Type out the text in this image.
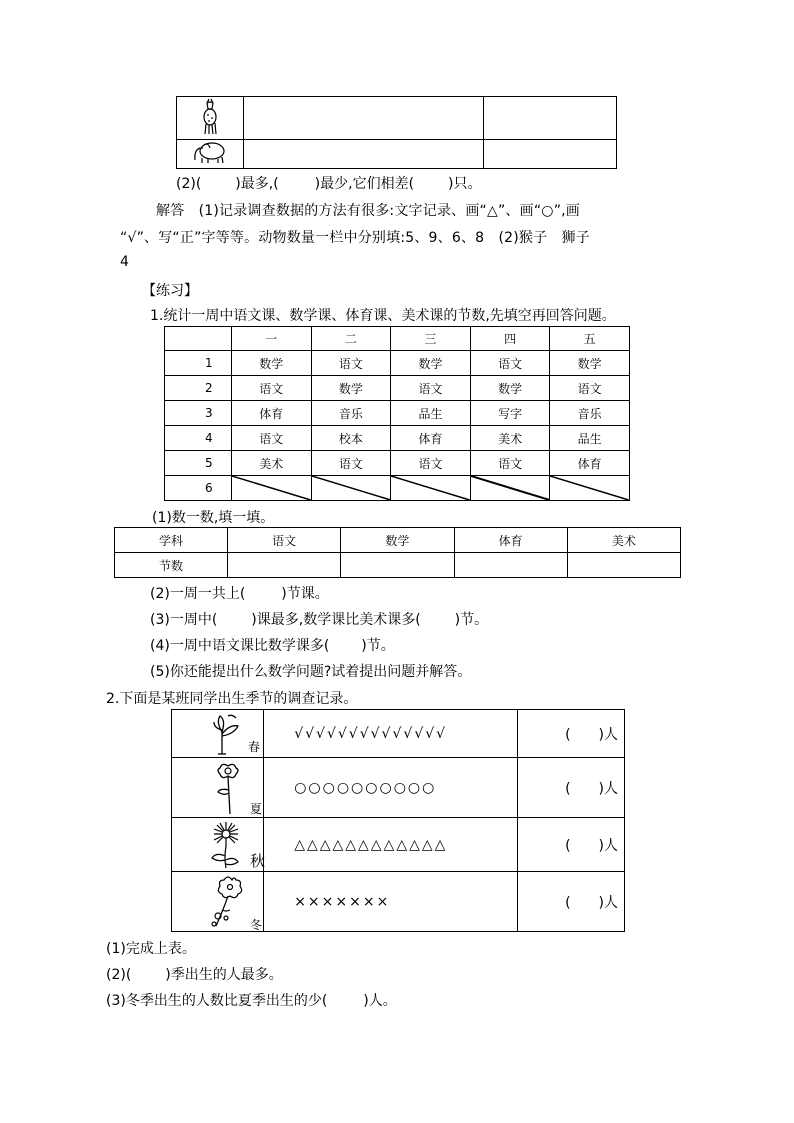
(2)( )最多,(	)最少,它们相差( )只。
解答　(1)记录调查数据的方法有很多:文字记录、画“△”、画“○”,画
“√”、写“正”字等等。动物数量一栏中分别填:5、9、6、8　(2)猴子　狮子
4
【练习】
1.统计一周中语文课、数学课、体育课、美术课的节数,先填空再回答问题。
	一	二	三	四	五
1	数学	语文	数学	语文	数学
2	语文	数学	语文	数学	语文
3	体育	音乐	品生	写字	音乐
4	语文	校本	体育	美术	品生
5	美术	语文	语文	语文	体育
6	

(1)数一数,填一填。
学科	语文	数学	体育	美术
节数				
(2)一周一共上(	)节课。
(3)一周中( )课最多,数学课比美术课多( )节。
(4)一周中语文课比数学课多( )节。
(5)你还能提出什么数学问题?试着提出问题并解答。
2.下面是某班同学出生季节的调查记录。
春	√√√√√√√√√√√√√√	(　　)人

夏	○○○○○○○○○○	(　　)人

秋	△△△△△△△△△△△△	(　　)人

冬	×××××××	(　　)人
(1)完成上表。
(2)( )季出生的人最多。
(3)冬季出生的人数比夏季出生的少(	)人。
